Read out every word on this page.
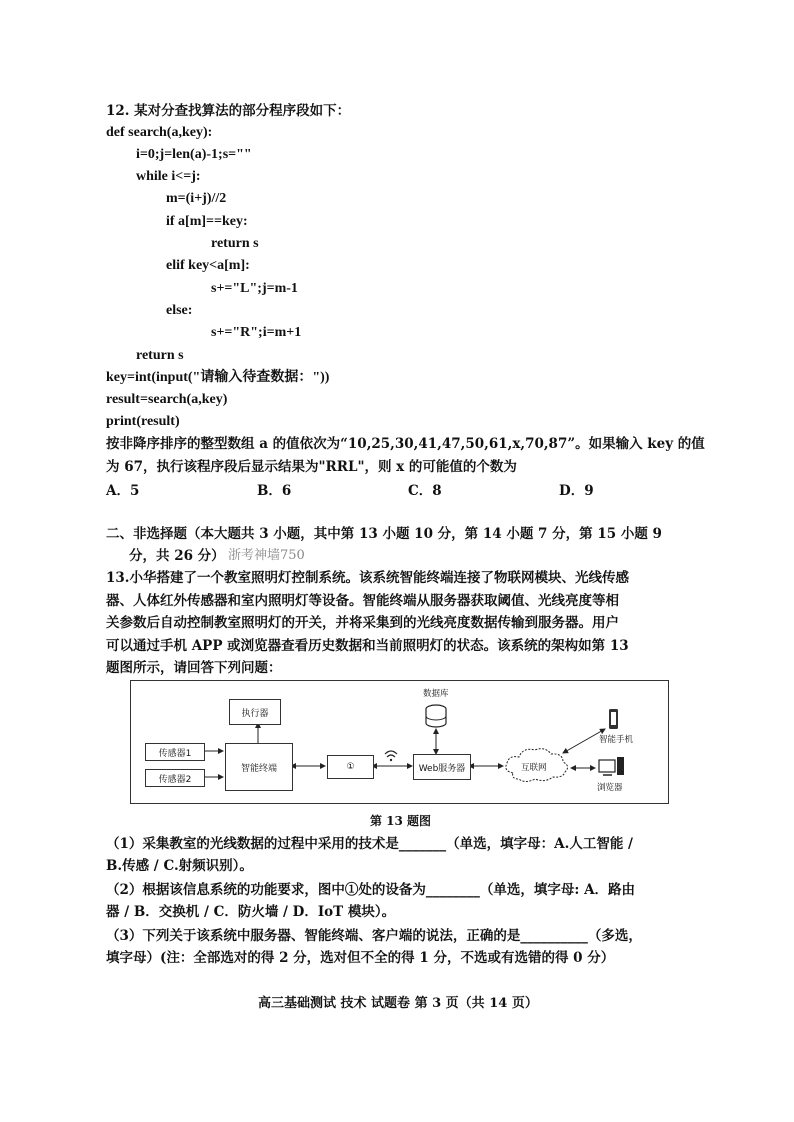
12. 某对分查找算法的部分程序段如下：
def search(a,key):
i=0;j=len(a)-1;s=""
while i<=j:
m=(i+j)//2
if a[m]==key:
return s
elif key<a[m]:
s+="L";j=m-1
else:
s+="R";i=m+1
return s
key=int(input("请输入待查数据："))
result=search(a,key)
print(result)
按非降序排序的整型数组 a 的值依次为“10,25,30,41,47,50,61,x,70,87”。如果输入 key 的值
为 67，执行该程序段后显示结果为"RRL"，则 x 的可能值的个数为
A．5	B．6	C．8	D．9
二、非选择题（本大题共 3 小题，其中第 13 小题 10 分，第 14 小题 7 分，第 15 小题 9
分，共 26 分） 浙考神墙750
13.小华搭建了一个教室照明灯控制系统。该系统智能终端连接了物联网模块、光线传感
器、人体红外传感器和室内照明灯等设备。智能终端从服务器获取阈值、光线亮度等相
关参数后自动控制教室照明灯的开关，并将采集到的光线亮度数据传输到服务器。用户
可以通过手机 APP 或浏览器查看历史数据和当前照明灯的状态。该系统的架构如第 13
题图所示，请回答下列问题：
执行器
传感器1
传感器2
智能终端	①	Web服务器
数据库
互联网
智能手机
浏览器
第 13 题图
（1）采集教室的光线数据的过程中采用的技术是_______（单选，填字母：A.人工智能 /
B.传感 / C.射频识别）。
（2）根据该信息系统的功能要求，图中①处的设备为________（单选，填字母: A．路由
器 / B．交换机 / C．防火墙 / D．IoT 模块）。
（3）下列关于该系统中服务器、智能终端、客户端的说法，正确的是__________（多选，
填字母）(注：全部选对的得 2 分，选对但不全的得 1 分，不选或有选错的得 0 分）
高三基础测试 技术 试题卷 第 3 页（共 14 页）
